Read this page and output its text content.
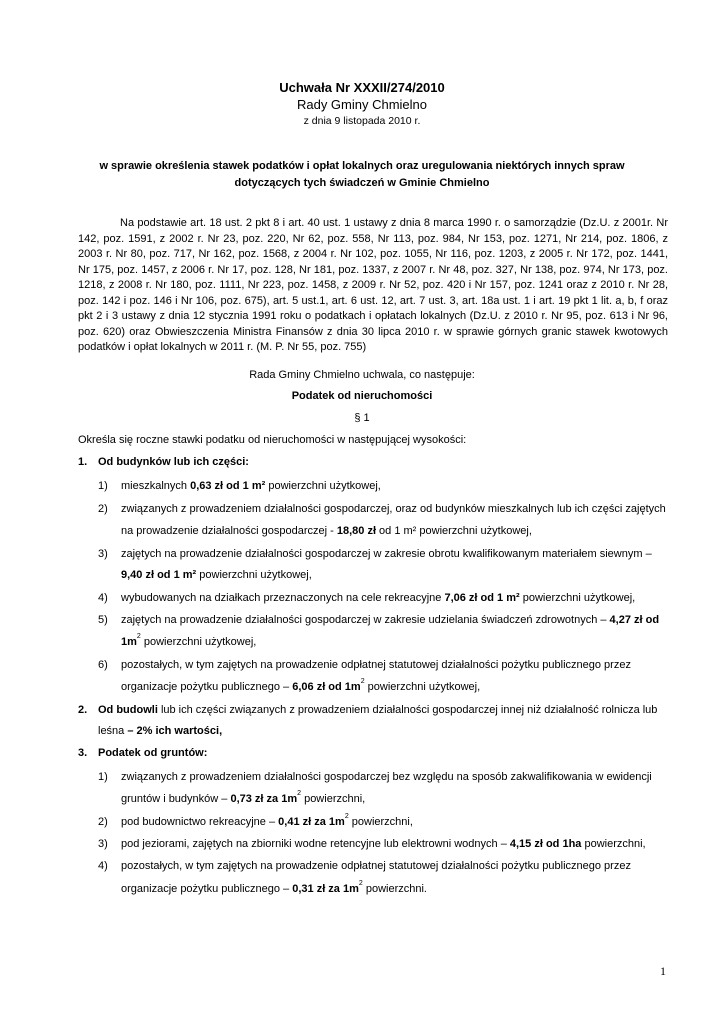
Uchwała Nr XXXII/274/2010
Rady Gminy Chmielno
z dnia 9 listopada 2010 r.
w sprawie określenia stawek podatków i opłat lokalnych oraz uregulowania niektórych innych spraw dotyczących tych świadczeń w Gminie Chmielno
Na podstawie art. 18 ust. 2 pkt 8 i art. 40 ust. 1 ustawy z dnia 8 marca 1990 r. o samorządzie (Dz.U. z 2001r. Nr 142, poz. 1591, z 2002 r. Nr 23, poz. 220, Nr 62, poz. 558, Nr 113, poz. 984, Nr 153, poz. 1271, Nr 214, poz. 1806, z 2003 r. Nr 80, poz. 717, Nr 162, poz. 1568, z 2004 r. Nr 102, poz. 1055, Nr 116, poz. 1203, z 2005 r. Nr 172, poz. 1441, Nr 175, poz. 1457, z 2006 r. Nr 17, poz. 128, Nr 181, poz. 1337, z 2007 r. Nr 48, poz. 327, Nr 138, poz. 974, Nr 173, poz. 1218, z 2008 r. Nr 180, poz. 1111, Nr 223, poz. 1458, z 2009 r. Nr 52, poz. 420 i Nr 157, poz. 1241 oraz z 2010 r. Nr 28, poz. 142 i poz. 146 i Nr 106, poz. 675), art. 5 ust.1, art. 6 ust. 12, art. 7 ust. 3, art. 18a ust. 1 i art. 19 pkt 1 lit. a, b, f oraz pkt 2 i 3 ustawy z dnia 12 stycznia 1991 roku o podatkach i opłatach lokalnych (Dz.U. z 2010 r. Nr 95, poz. 613 i Nr 96, poz. 620) oraz Obwieszczenia Ministra Finansów z dnia 30 lipca 2010 r. w sprawie górnych granic stawek kwotowych podatków i opłat lokalnych w 2011 r. (M. P. Nr 55, poz. 755)
Rada Gminy Chmielno uchwala, co następuje:
Podatek od nieruchomości
§ 1
Określa się roczne stawki podatku od nieruchomości w następującej wysokości:
1. Od budynków lub ich części:
1) mieszkalnych 0,63 zł od 1 m² powierzchni użytkowej,
2) związanych z prowadzeniem działalności gospodarczej, oraz od budynków mieszkalnych lub ich części zajętych
na prowadzenie działalności gospodarczej - 18,80 zł od 1 m² powierzchni użytkowej,
3) zajętych na prowadzenie działalności gospodarczej w zakresie obrotu kwalifikowanym materiałem siewnym –
9,40 zł od 1 m² powierzchni użytkowej,
4) wybudowanych na działkach przeznaczonych na cele rekreacyjne 7,06 zł od 1 m² powierzchni użytkowej,
5) zajętych na prowadzenie działalności gospodarczej w zakresie udzielania świadczeń zdrowotnych – 4,27 zł od
$1m^2$ powierzchni użytkowej,
6) pozostałych, w tym zajętych na prowadzenie odpłatnej statutowej działalności pożytku publicznego przez
organizacje pożytku publicznego – 6,06 zł od $1m^2$ powierzchni użytkowej,
2. Od budowli lub ich części związanych z prowadzeniem działalności gospodarczej innej niż działalność rolnicza lub
leśna – 2% ich wartości,
3. Podatek od gruntów:
1) związanych z prowadzeniem działalności gospodarczej bez względu na sposób zakwalifikowania w ewidencji
gruntów i budynków – 0,73 zł za $1m^2$ powierzchni,
2) pod budownictwo rekreacyjne – 0,41 zł za $1m^2$ powierzchni,
3) pod jeziorami, zajętych na zbiorniki wodne retencyjne lub elektrowni wodnych – 4,15 zł od 1ha powierzchni,
4) pozostałych, w tym zajętych na prowadzenie odpłatnej statutowej działalności pożytku publicznego przez
organizacje pożytku publicznego – 0,31 zł za $1m^2$ powierzchni.
1
